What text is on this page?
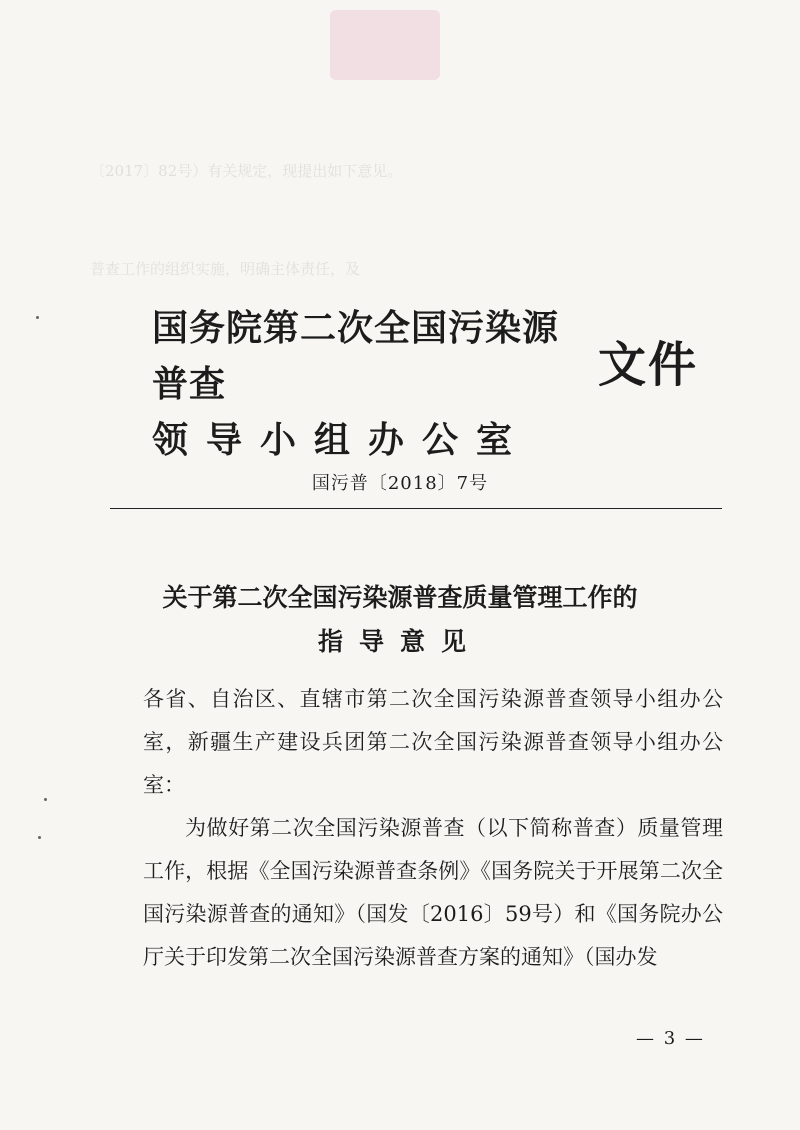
〔2017〕82号）有关规定，现提出如下意见。
普查工作的组织实施，明确主体责任，及
国务院第二次全国污染源普查
领导小组办公室
文件
国污普〔2018〕7号
关于第二次全国污染源普查质量管理工作的
指导意见

各省、自治区、直辖市第二次全国污染源普查领导小组办公室，新疆生产建设兵团第二次全国污染源普查领导小组办公室：

为做好第二次全国污染源普查（以下简称普查）质量管理工作，根据《全国污染源普查条例》《国务院关于开展第二次全国污染源普查的通知》（国发〔2016〕59号）和《国务院办公厅关于印发第二次全国污染源普查方案的通知》（国办发

— 3 —
